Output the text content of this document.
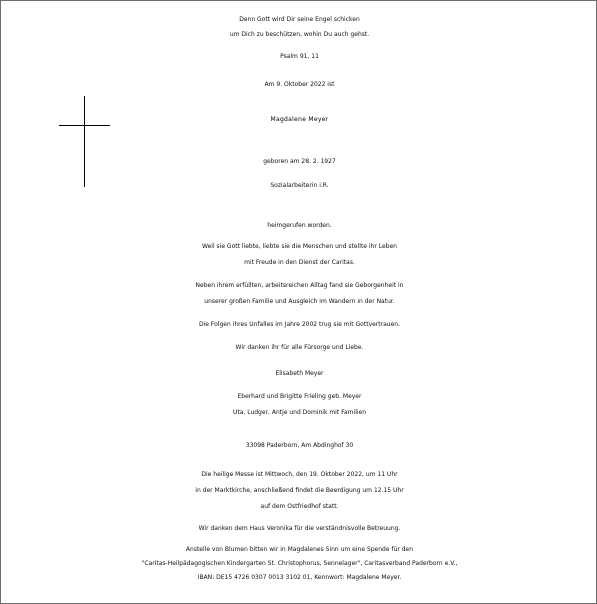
Denn Gott wird Dir seine Engel schicken
um Dich zu beschützen, wohin Du auch gehst.
Psalm 91, 11
Am 9. Oktober 2022 ist
Magdalene Meyer
geboren am 28. 2. 1927
Sozialarbeiterin i.R.
heimgerufen worden.
Weil sie Gott liebte, liebte sie die Menschen und stellte ihr Leben
mit Freude in den Dienst der Caritas.
Neben ihrem erfüllten, arbeitsreichen Alltag fand sie Geborgenheit in
unserer großen Familie und Ausgleich im Wandern in der Natur.
Die Folgen ihres Unfalles im Jahre 2002 trug sie mit Gottvertrauen.
Wir danken ihr für alle Fürsorge und Liebe.
Elisabeth Meyer
Eberhard und Brigitte Frieling geb. Meyer
Uta, Ludger, Antje und Dominik mit Familien
33098 Paderborn, Am Abdinghof 30
Die heilige Messe ist Mittwoch, den 19. Oktober 2022, um 11 Uhr
in der Marktkirche, anschließend findet die Beerdigung um 12.15 Uhr
auf dem Ostfriedhof statt.
Wir danken dem Haus Veronika für die verständnisvolle Betreuung.
Anstelle von Blumen bitten wir in Magdalenes Sinn um eine Spende für den
"Caritas-Heilpädagogischen Kindergarten St. Christophorus, Sennelager", Caritasverband Paderborn e.V.,
IBAN: DE15 4726 0307 0013 3102 01, Kennwort: Magdalene Meyer.
